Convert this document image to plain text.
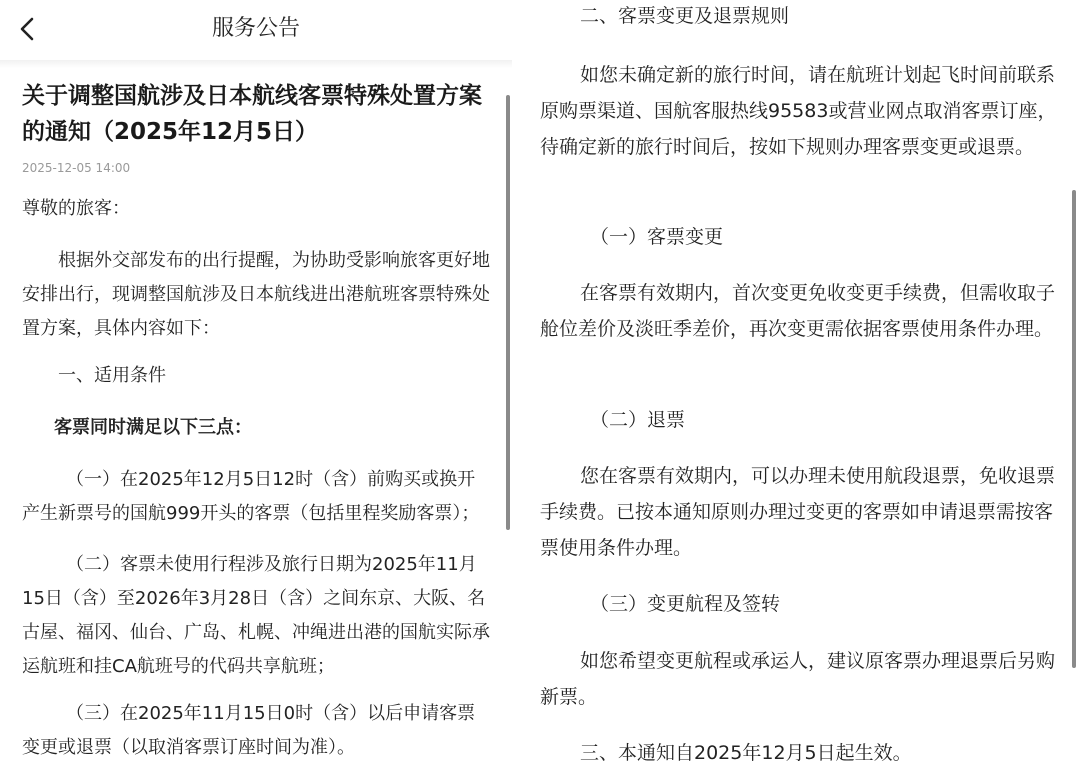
服务公告
关于调整国航涉及日本航线客票特殊处置方案的通知（2025年12月5日）
2025-12-05 14:00

尊敬的旅客：

根据外交部发布的出行提醒，为协助受影响旅客更好地安排出行，现调整国航涉及日本航线进出港航班客票特殊处置方案，具体内容如下：

一、适用条件

客票同时满足以下三点：

（一）在2025年12月5日12时（含）前购买或换开产生新票号的国航999开头的客票（包括里程奖励客票）；

（二）客票未使用行程涉及旅行日期为2025年11月15日（含）至2026年3月28日（含）之间东京、大阪、名古屋、福冈、仙台、广岛、札幌、冲绳进出港的国航实际承运航班和挂CA航班号的代码共享航班；

（三）在2025年11月15日0时（含）以后申请客票变更或退票（以取消客票订座时间为准）。

二、客票变更及退票规则

如您未确定新的旅行时间，请在航班计划起飞时间前联系原购票渠道、国航客服热线95583或营业网点取消客票订座，待确定新的旅行时间后，按如下规则办理客票变更或退票。

（一）客票变更

在客票有效期内，首次变更免收变更手续费，但需收取子舱位差价及淡旺季差价，再次变更需依据客票使用条件办理。

（二）退票

您在客票有效期内，可以办理未使用航段退票，免收退票手续费。已按本通知原则办理过变更的客票如申请退票需按客票使用条件办理。

（三）变更航程及签转

如您希望变更航程或承运人，建议原客票办理退票后另购新票。

三、本通知自2025年12月5日起生效。
